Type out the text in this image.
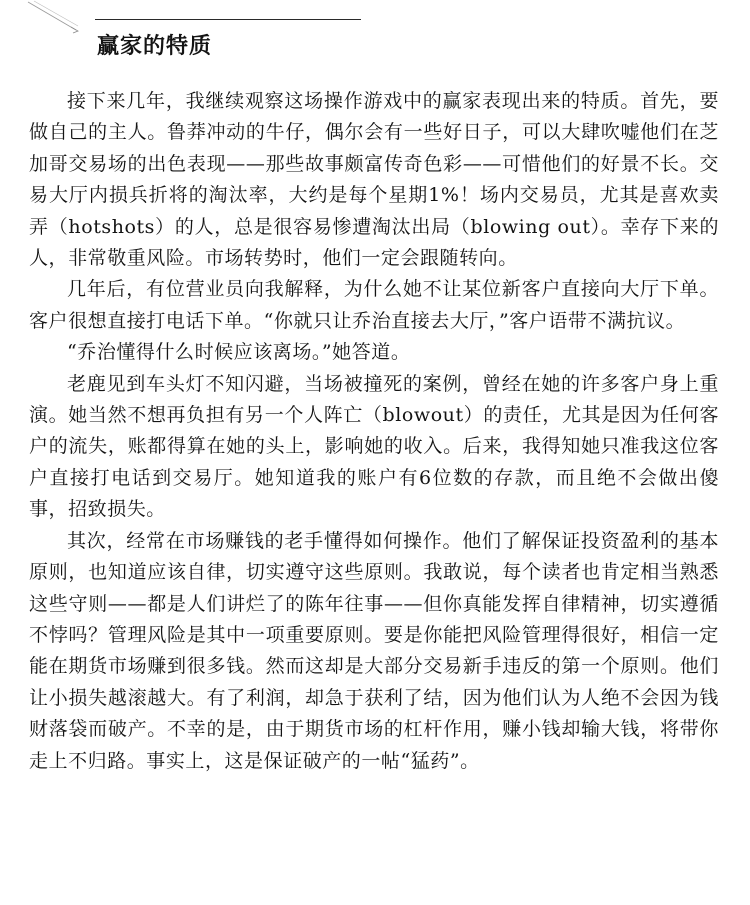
赢家的特质

接下来几年，我继续观察这场操作游戏中的赢家表现出来的特质。首先，要做自己的主人。鲁莽冲动的牛仔，偶尔会有一些好日子，可以大肆吹嘘他们在芝加哥交易场的出色表现——那些故事颇富传奇色彩——可惜他们的好景不长。交易大厅内损兵折将的淘汰率，大约是每个星期1%！场内交易员，尤其是喜欢卖弄（hotshots）的人，总是很容易惨遭淘汰出局（blowing out）。幸存下来的人，非常敬重风险。市场转势时，他们一定会跟随转向。

几年后，有位营业员向我解释，为什么她不让某位新客户直接向大厅下单。客户很想直接打电话下单。“你就只让乔治直接去大厅，”客户语带不满抗议。

“乔治懂得什么时候应该离场。”她答道。

老鹿见到车头灯不知闪避，当场被撞死的案例，曾经在她的许多客户身上重演。她当然不想再负担有另一个人阵亡（blowout）的责任，尤其是因为任何客户的流失，账都得算在她的头上，影响她的收入。后来，我得知她只准我这位客户直接打电话到交易厅。她知道我的账户有6位数的存款，而且绝不会做出傻事，招致损失。

其次，经常在市场赚钱的老手懂得如何操作。他们了解保证投资盈利的基本原则，也知道应该自律，切实遵守这些原则。我敢说，每个读者也肯定相当熟悉这些守则——都是人们讲烂了的陈年往事——但你真能发挥自律精神，切实遵循不悖吗？管理风险是其中一项重要原则。要是你能把风险管理得很好，相信一定能在期货市场赚到很多钱。然而这却是大部分交易新手违反的第一个原则。他们让小损失越滚越大。有了利润，却急于获利了结，因为他们认为人绝不会因为钱财落袋而破产。不幸的是，由于期货市场的杠杆作用，赚小钱却输大钱，将带你走上不归路。事实上，这是保证破产的一帖“猛药”。
